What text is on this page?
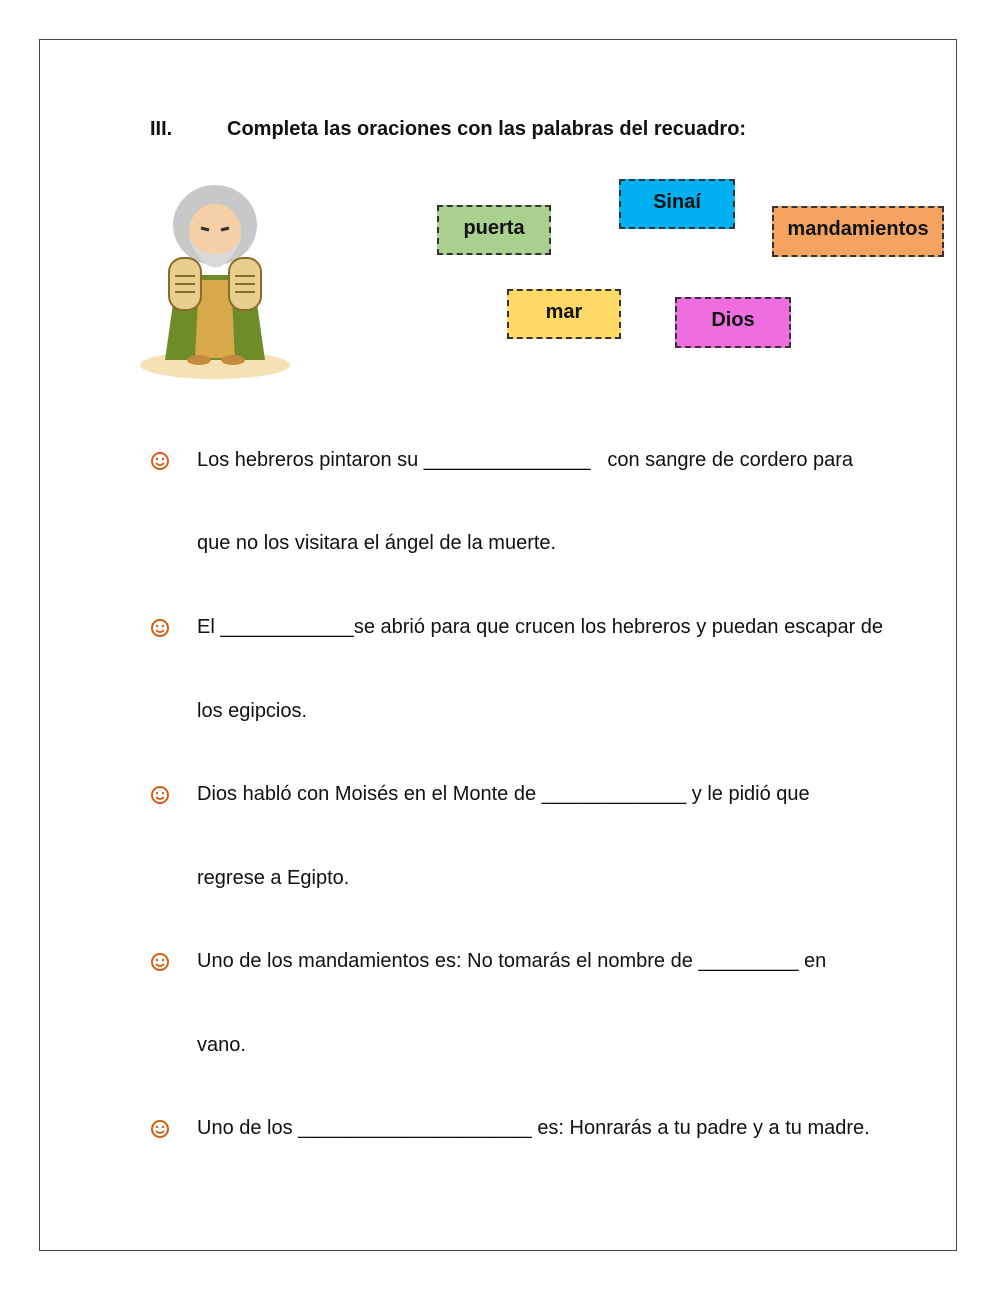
III.	Completa las oraciones con las palabras del recuadro:
puerta
Sinaí
mandamientos
mar	Dios
Los hebreros pintaron su _______________   con sangre de cordero para
que no los visitara el ángel de la muerte.
El ____________se abrió para que crucen los hebreros y puedan escapar de
los egipcios.
Dios habló con Moisés en el Monte de _____________ y le pidió que
regrese a Egipto.
Uno de los mandamientos es: No tomarás el nombre de _________ en
vano.
Uno de los _____________________ es: Honrarás a tu padre y a tu madre.
